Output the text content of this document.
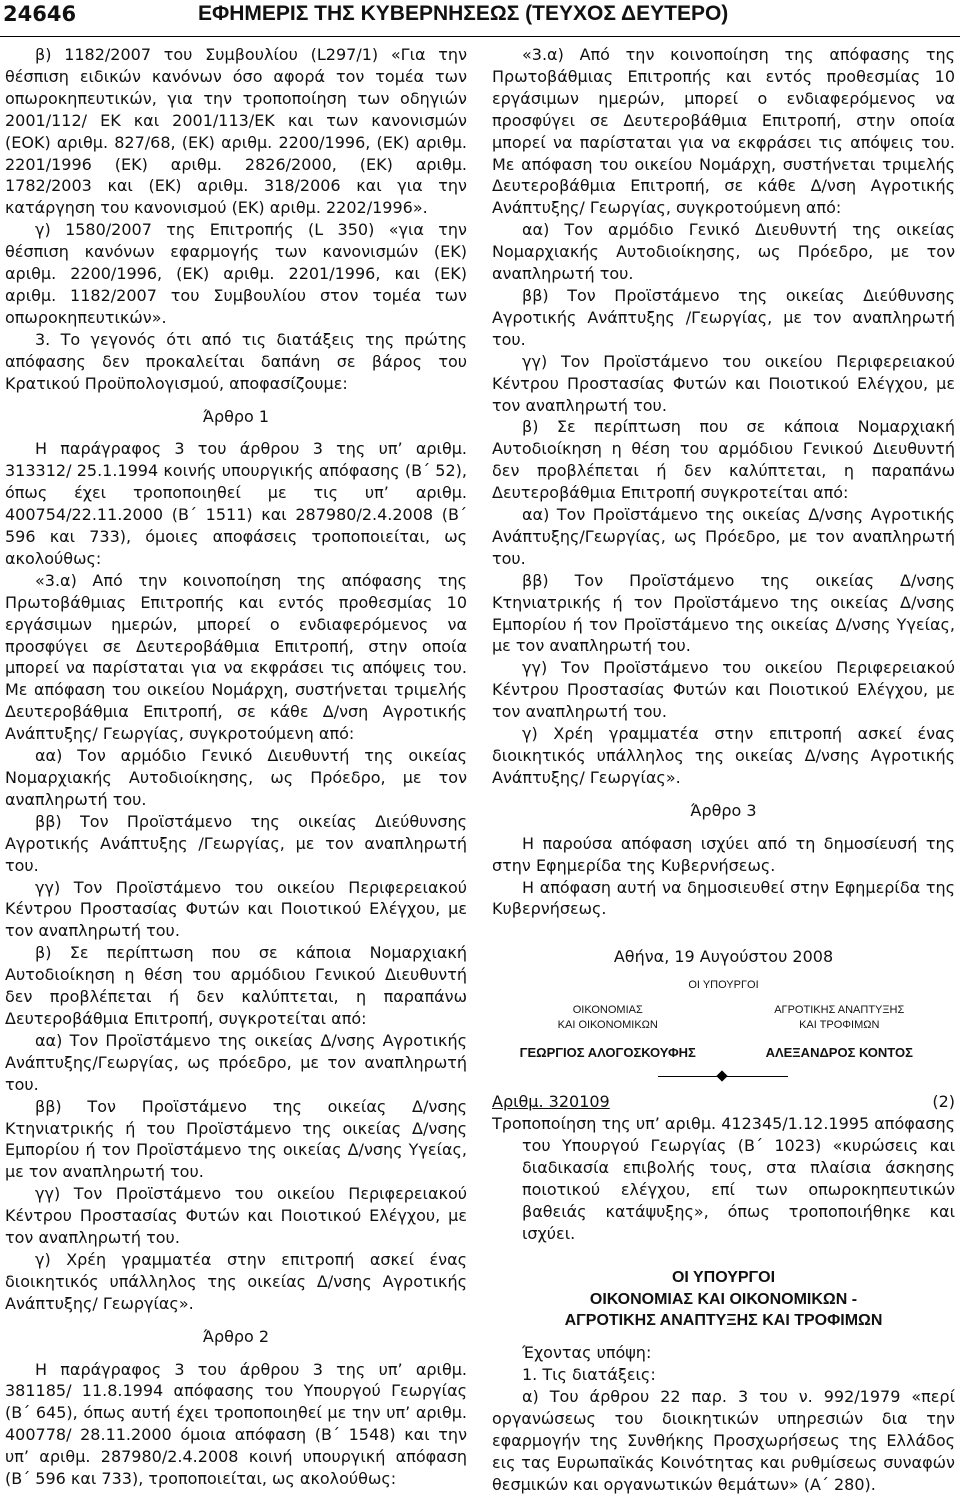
24646	ΕΦΗΜΕΡΙΣ ΤΗΣ ΚΥΒΕΡΝΗΣΕΩΣ (ΤΕΥΧΟΣ ΔΕΥΤΕΡΟ)

β) 1182/2007 του Συμβουλίου (L297/1) «Για την θέσπιση ειδικών κανόνων όσο αφορά τον τομέα των οπωροκηπευτικών, για την τροποποίηση των οδηγιών 2001/112/ ΕΚ και 2001/113/ΕΚ και των κανονισμών (ΕΟΚ) αριθμ. 827/68, (ΕΚ) αριθμ. 2200/1996, (ΕΚ) αριθμ. 2201/1996 (ΕΚ) αριθμ. 2826/2000, (ΕΚ) αριθμ. 1782/2003 και (ΕΚ) αριθμ. 318/2006 και για την κατάργηση του κανονισμού (ΕΚ) αριθμ. 2202/1996».

γ) 1580/2007 της Επιτροπής (L 350) «για την θέσπιση κανόνων εφαρμογής των κανονισμών (ΕΚ) αριθμ. 2200/1996, (ΕΚ) αριθμ. 2201/1996, και (ΕΚ) αριθμ. 1182/2007 του Συμβουλίου στον τομέα των οπωροκηπευτικών».

3. Το γεγονός ότι από τις διατάξεις της πρώτης απόφασης δεν προκαλείται δαπάνη σε βάρος του Κρατικού Προϋπολογισμού, αποφασίζουμε:

Άρθρο 1

Η παράγραφος 3 του άρθρου 3 της υπ’ αριθμ. 313312/ 25.1.1994 κοινής υπουργικής απόφασης (Β΄ 52), όπως έχει τροποποιηθεί με τις υπ’ αριθμ. 400754/22.11.2000 (Β΄ 1511) και 287980/2.4.2008 (Β΄ 596 και 733), όμοιες αποφάσεις τροποποιείται, ως ακολούθως:

«3.α) Από την κοινοποίηση της απόφασης της Πρωτοβάθμιας Επιτροπής και εντός προθεσμίας 10 εργάσιμων ημερών, μπορεί ο ενδιαφερόμενος να προσφύγει σε Δευτεροβάθμια Επιτροπή, στην οποία μπορεί να παρίσταται για να εκφράσει τις απόψεις του. Με απόφαση του οικείου Νομάρχη, συστήνεται τριμελής Δευτεροβάθμια Επιτροπή, σε κάθε Δ/νση Αγροτικής Ανάπτυξης/ Γεωργίας, συγκροτούμενη από:

αα) Τον αρμόδιο Γενικό Διευθυντή της οικείας Νομαρχιακής Αυτοδιοίκησης, ως Πρόεδρο, με τον αναπληρωτή του.

ββ) Τον Προϊστάμενο της οικείας Διεύθυνσης Αγροτικής Ανάπτυξης /Γεωργίας, με τον αναπληρωτή του.

γγ) Τον Προϊστάμενο του οικείου Περιφερειακού Κέντρου Προστασίας Φυτών και Ποιοτικού Ελέγχου, με τον αναπληρωτή του.

β) Σε περίπτωση που σε κάποια Νομαρχιακή Αυτοδιοίκηση η θέση του αρμόδιου Γενικού Διευθυντή δεν προβλέπεται ή δεν καλύπτεται, η παραπάνω Δευτεροβάθμια Επιτροπή, συγκροτείται από:

αα) Τον Προϊστάμενο της οικείας Δ/νσης Αγροτικής Ανάπτυξης/Γεωργίας, ως πρόεδρο, με τον αναπληρωτή του.

ββ) Τον Προϊστάμενο της οικείας Δ/νσης Κτηνιατρικής ή του Προϊστάμενο της οικείας Δ/νσης Εμπορίου ή τον Προϊστάμενο της οικείας Δ/νσης Υγείας, με τον αναπληρωτή του.

γγ) Τον Προϊστάμενο του οικείου Περιφερειακού Κέντρου Προστασίας Φυτών και Ποιοτικού Ελέγχου, με τον αναπληρωτή του.

γ) Χρέη γραμματέα στην επιτροπή ασκεί ένας διοικητικός υπάλληλος της οικείας Δ/νσης Αγροτικής Ανάπτυξης/ Γεωργίας».

Άρθρο 2

Η παράγραφος 3 του άρθρου 3 της υπ’ αριθμ. 381185/ 11.8.1994 απόφασης του Υπουργού Γεωργίας (Β΄ 645), όπως αυτή έχει τροποποιηθεί με την υπ’ αριθμ. 400778/ 28.11.2000 όμοια απόφαση (Β΄ 1548) και την υπ’ αριθμ. 287980/2.4.2008 κοινή υπουργική απόφαση (Β΄ 596 και 733), τροποποιείται, ως ακολούθως:

«3.α) Από την κοινοποίηση της απόφασης της Πρωτοβάθμιας Επιτροπής και εντός προθεσμίας 10 εργάσιμων ημερών, μπορεί ο ενδιαφερόμενος να προσφύγει σε Δευτεροβάθμια Επιτροπή, στην οποία μπορεί να παρίσταται για να εκφράσει τις απόψεις του. Με απόφαση του οικείου Νομάρχη, συστήνεται τριμελής Δευτεροβάθμια Επιτροπή, σε κάθε Δ/νση Αγροτικής Ανάπτυξης/ Γεωργίας, συγκροτούμενη από:

αα) Τον αρμόδιο Γενικό Διευθυντή της οικείας Νομαρχιακής Αυτοδιοίκησης, ως Πρόεδρο, με τον αναπληρωτή του.

ββ) Τον Προϊστάμενο της οικείας Διεύθυνσης Αγροτικής Ανάπτυξης /Γεωργίας, με τον αναπληρωτή του.

γγ) Τον Προϊστάμενο του οικείου Περιφερειακού Κέντρου Προστασίας Φυτών και Ποιοτικού Ελέγχου, με τον αναπληρωτή του.

β) Σε περίπτωση που σε κάποια Νομαρχιακή Αυτοδιοίκηση η θέση του αρμόδιου Γενικού Διευθυντή δεν προβλέπεται ή δεν καλύπτεται, η παραπάνω Δευτεροβάθμια Επιτροπή συγκροτείται από:

αα) Τον Προϊστάμενο της οικείας Δ/νσης Αγροτικής Ανάπτυξης/Γεωργίας, ως Πρόεδρο, με τον αναπληρωτή του.

ββ) Τον Προϊστάμενο της οικείας Δ/νσης Κτηνιατρικής ή τον Προϊστάμενο της οικείας Δ/νσης Εμπορίου ή τον Προϊστάμενο της οικείας Δ/νσης Υγείας, με τον αναπληρωτή του.

γγ) Τον Προϊστάμενο του οικείου Περιφερειακού Κέντρου Προστασίας Φυτών και Ποιοτικού Ελέγχου, με τον αναπληρωτή του.

γ) Χρέη γραμματέα στην επιτροπή ασκεί ένας διοικητικός υπάλληλος της οικείας Δ/νσης Αγροτικής Ανάπτυξης/ Γεωργίας».

Άρθρο 3

Η παρούσα απόφαση ισχύει από τη δημοσίευσή της στην Εφημερίδα της Κυβερνήσεως.

Η απόφαση αυτή να δημοσιευθεί στην Εφημερίδα της Κυβερνήσεως.

Αθήνα, 19 Αυγούστου 2008
ΟΙ ΥΠΟΥΡΓΟΙ
ΟΙΚΟΝΟΜΙΑΣ
ΚΑΙ ΟΙΚΟΝΟΜΙΚΩΝ
ΓΕΩΡΓΙΟΣ ΑΛΟΓΟΣΚΟΥΦΗΣ
ΑΓΡΟΤΙΚΗΣ ΑΝΑΠΤΥΞΗΣ
ΚΑΙ ΤΡΟΦΙΜΩΝ
ΑΛΕΞΑΝΔΡΟΣ ΚΟΝΤΟΣ
Αριθμ. 320109	(2)

Τροποποίηση της υπ’ αριθμ. 412345/1.12.1995 απόφασης του Υπουργού Γεωργίας (Β΄ 1023) «κυρώσεις και διαδικασία επιβολής τους, στα πλαίσια άσκησης ποιοτικού ελέγχου, επί των οπωροκηπευτικών βαθειάς κατάψυξης», όπως τροποποιήθηκε και ισχύει.

ΟΙ ΥΠΟΥΡΓΟΙ
ΟΙΚΟΝΟΜΙΑΣ ΚΑΙ ΟΙΚΟΝΟΜΙΚΩΝ -
ΑΓΡΟΤΙΚΗΣ ΑΝΑΠΤΥΞΗΣ ΚΑΙ ΤΡΟΦΙΜΩΝ

Έχοντας υπόψη:

1. Τις διατάξεις:

α) Του άρθρου 22 παρ. 3 του ν. 992/1979 «περί οργανώσεως του διοικητικών υπηρεσιών δια την εφαρμογήν της Συνθήκης Προσχωρήσεως της Ελλάδος εις τας Ευρωπαϊκάς Κοινότητας και ρυθμίσεως συναφών θεσμικών και οργανωτικών θεμάτων» (Α΄ 280).
